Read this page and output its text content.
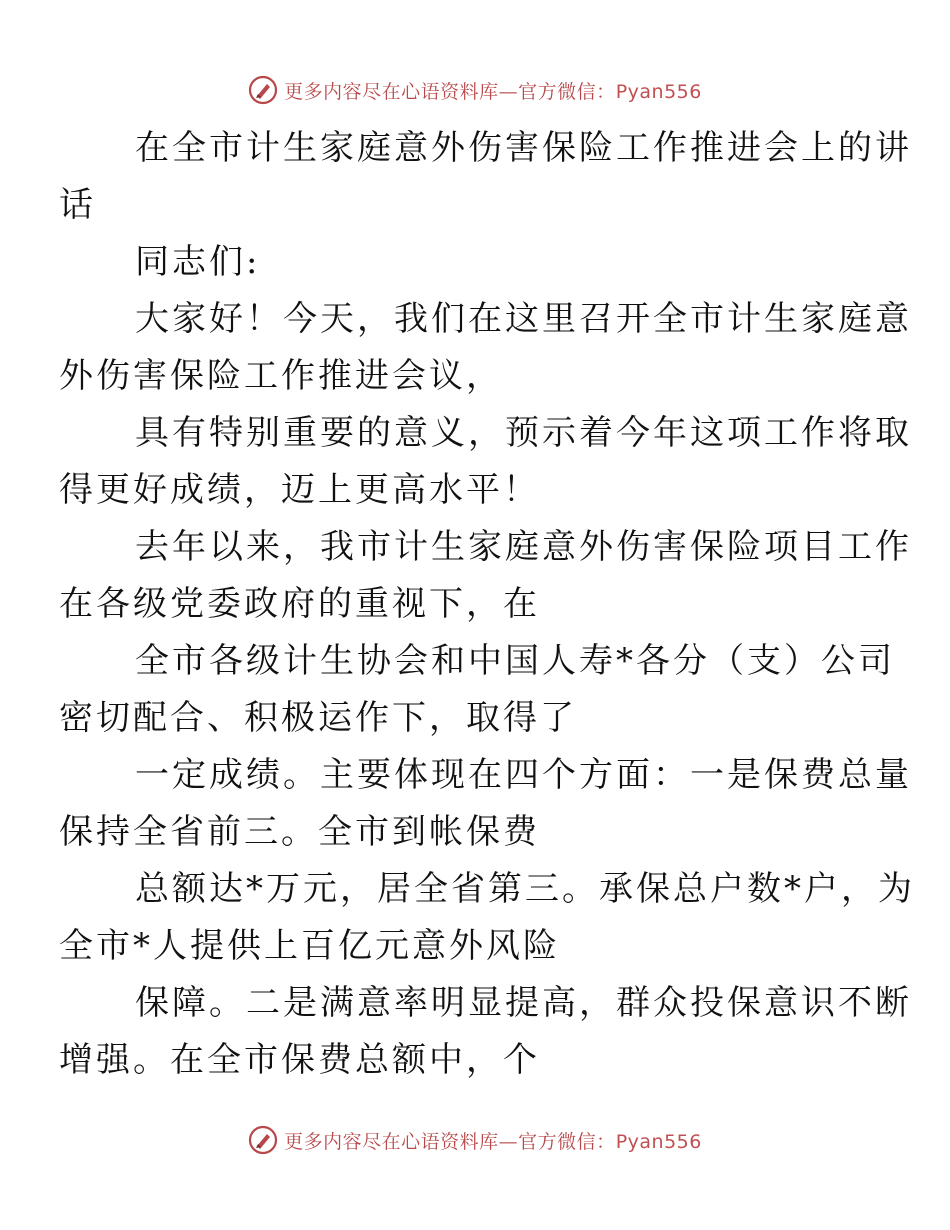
更多内容尽在心语资料库—官方微信：Pyan556

在全市计生家庭意外伤害保险工作推进会上的讲
话

同志们:

大家好！今天，我们在这里召开全市计生家庭意
外伤害保险工作推进会议，

具有特别重要的意义，预示着今年这项工作将取
得更好成绩，迈上更高水平！

去年以来，我市计生家庭意外伤害保险项目工作
在各级党委政府的重视下，在

全市各级计生协会和中国人寿*各分（支）公司
密切配合、积极运作下，取得了

一定成绩。主要体现在四个方面：一是保费总量
保持全省前三。全市到帐保费

总额达*万元，居全省第三。承保总户数*户，为
全市*人提供上百亿元意外风险

保障。二是满意率明显提高，群众投保意识不断
增强。在全市保费总额中，个

更多内容尽在心语资料库—官方微信：Pyan556
